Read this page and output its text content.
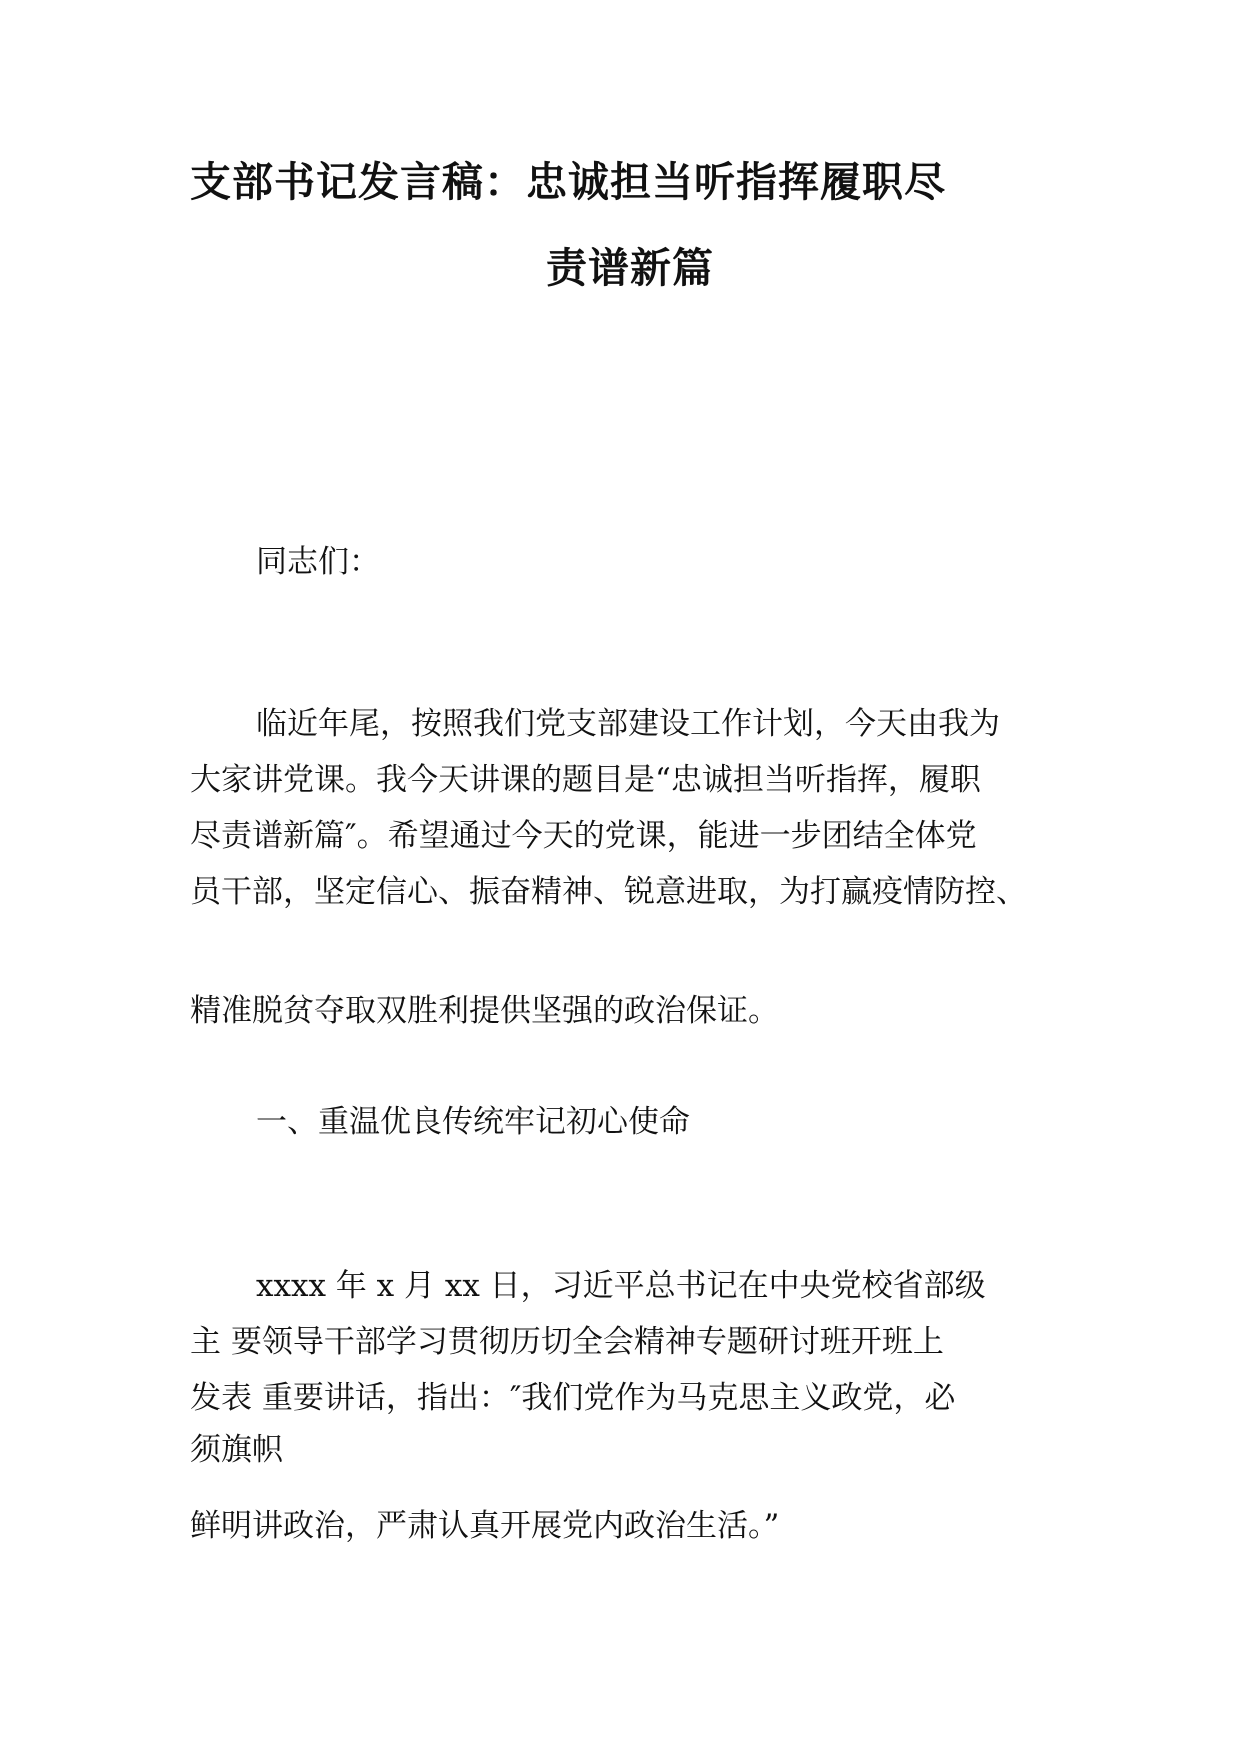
支部书记发言稿：忠诚担当听指挥履职尽
责谱新篇
同志们：
临近年尾，按照我们党支部建设工作计划，今天由我为
大家讲党课。我今天讲课的题目是“忠诚担当听指挥，履职
尽责谱新篇″。希望通过今天的党课，能进一步团结全体党
员干部，坚定信心、振奋精神、锐意进取，为打赢疫情防控、
精准脱贫夺取双胜利提供坚强的政治保证。
一、重温优良传统牢记初心使命
xxxx 年 x 月 xx 日，习近平总书记在中央党校省部级
主 要领导干部学习贯彻历切全会精神专题研讨班开班上
发表 重要讲话，指出：″我们党作为马克思主义政党，必
须旗帜
鲜明讲政治，严肃认真开展党内政治生活。”
